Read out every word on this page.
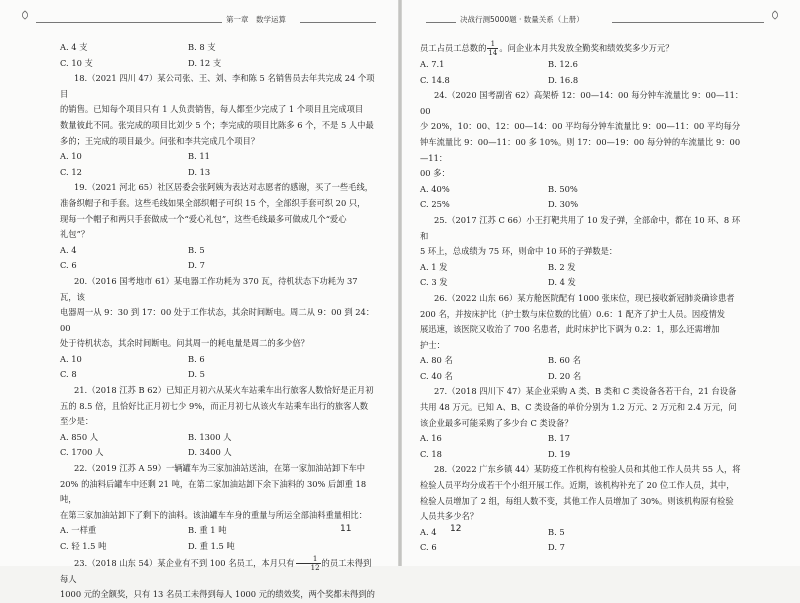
第一章　数学运算
A. 4 支	B. 8 支
C. 10 支	D. 12 支

18.（2021 四川 47）某公司张、王、刘、李和陈 5 名销售员去年共完成 24 个项目

的销售。已知每个项目只有 1 人负责销售，每人都至少完成了 1 个项目且完成项目

数量彼此不同。张完成的项目比刘少 5 个；李完成的项目比陈多 6 个，不是 5 人中最

多的；王完成的项目最少。问张和李共完成几个项目？

A. 10	B. 11
C. 12	D. 13

19.（2021 河北 65）社区居委会张阿姨为表达对志愿者的感谢，买了一些毛线，

准备织帽子和手套。这些毛线如果全部织帽子可织 15 个，全部织手套可织 20 只，

现每一个帽子和两只手套做成一个“爱心礼包”，这些毛线最多可做成几个“爱心

礼包”？

A. 4	B. 5
C. 6	D. 7

20.（2016 国考地市 61）某电器工作功耗为 370 瓦，待机状态下功耗为 37 瓦，该

电器周一从 9：30 到 17：00 处于工作状态，其余时间断电。周二从 9：00 到 24：00

处于待机状态，其余时间断电。问其周一的耗电量是周二的多少倍？

A. 10	B. 6
C. 8	D. 5

21.（2018 江苏 B 62）已知正月初六从某火车站乘车出行旅客人数恰好是正月初

五的 8.5 倍，且恰好比正月初七少 9%，而正月初七从该火车站乘车出行的旅客人数

至少是：

A. 850 人	B. 1300 人
C. 1700 人	D. 3400 人

22.（2019 江苏 A 59）一辆罐车为三家加油站送油，在第一家加油站卸下车中

20% 的油料后罐车中还剩 21 吨，在第二家加油站卸下余下油料的 30% 后卸重 18 吨，

在第三家加油站卸下了剩下的油料。该油罐车车身的重量与所运全部油料重量相比：

A. 一样重	B. 重 1 吨
C. 轻 1.5 吨	D. 重 1.5 吨

23.（2018 山东 54）某企业有不到 100 名员工，本月只有 $\frac{1}{12}$ 的员工未得到每人

1000 元的全额奖，只有 13 名员工未得到每人 1000 元的绩效奖，两个奖都未得到的

11
决战行测5000题 · 数量关系（上册）

员工占员工总数的 $\frac{1}{14}$ 。问企业本月共发放全勤奖和绩效奖多少万元？

A. 7.1	B. 12.6
C. 14.8	D. 16.8

24.（2020 国考副省 62）高架桥 12：00—14：00 每分钟车流量比 9：00—11：00

少 20%，10：00、12：00—14：00 平均每分钟车流量比 9：00—11：00 平均每分

钟车流量比 9：00—11：00 多 10%。则 17：00—19：00 每分钟的车流量比 9：00—11：

00 多：

A. 40%	B. 50%
C. 25%	D. 30%

25.（2017 江苏 C 66）小王打靶共用了 10 发子弹，全部命中，都在 10 环、8 环和

5 环上，总成绩为 75 环，则命中 10 环的子弹数是：

A. 1 发	B. 2 发
C. 3 发	D. 4 发

26.（2022 山东 66）某方舱医院配有 1000 张床位，现已接收新冠肺炎确诊患者

200 名，并按床护比（护士数与床位数的比值）0.6：1 配齐了护士人员。因疫情发

展迅速，该医院又收治了 700 名患者，此时床护比下调为 0.2：1，那么还需增加

护士：

A. 80 名	B. 60 名
C. 40 名	D. 20 名

27.（2018 四川下 47）某企业采购 A 类、B 类和 C 类设备各若干台，21 台设备

共用 48 万元。已知 A、B、C 类设备的单价分别为 1.2 万元、2 万元和 2.4 万元，问

该企业最多可能采购了多少台 C 类设备？

A. 16	B. 17
C. 18	D. 19

28.（2022 广东乡镇 44）某防疫工作机构有检验人员和其他工作人员共 55 人，将

检验人员平均分成若干个小组开展工作。近期，该机构补充了 20 位工作人员，其中，

检验人员增加了 2 组，每组人数不变，其他工作人员增加了 30%。则该机构原有检验

人员共多少名？

A. 4	B. 5
C. 6	D. 7
12
